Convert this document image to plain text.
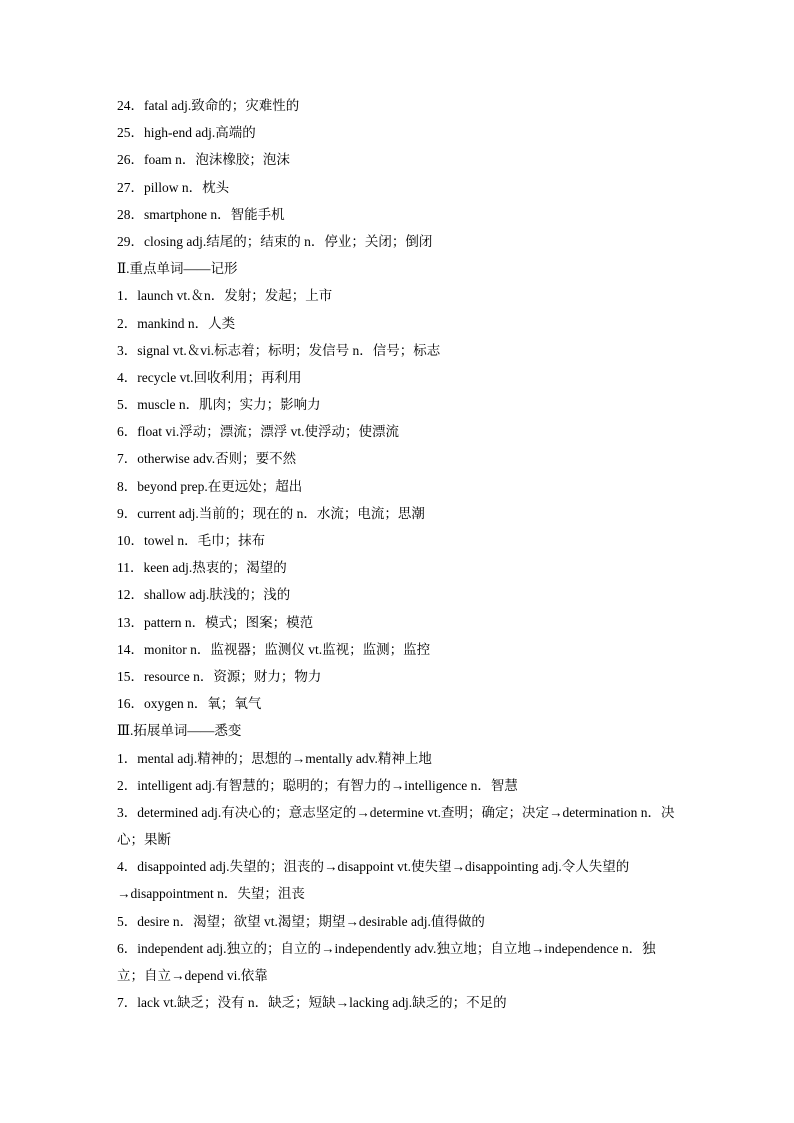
24．fatal adj.致命的；灾难性的
25．high-end adj.高端的
26．foam n．泡沫橡胶；泡沫
27．pillow n．枕头
28．smartphone n．智能手机
29．closing adj.结尾的；结束的 n．停业；关闭；倒闭
Ⅱ.重点单词——记形
1．launch vt.＆n．发射；发起；上市
2．mankind n．人类
3．signal vt.＆vi.标志着；标明；发信号 n．信号；标志
4．recycle vt.回收利用；再利用
5．muscle n．肌肉；实力；影响力
6．float vi.浮动；漂流；漂浮 vt.使浮动；使漂流
7．otherwise adv.否则；要不然
8．beyond prep.在更远处；超出
9．current adj.当前的；现在的 n．水流；电流；思潮
10．towel n．毛巾；抹布
11．keen adj.热衷的；渴望的
12．shallow adj.肤浅的；浅的
13．pattern n．模式；图案；模范
14．monitor n．监视器；监测仪 vt.监视；监测；监控
15．resource n．资源；财力；物力
16．oxygen n．氧；氧气
Ⅲ.拓展单词——悉变
1．mental adj.精神的；思想的→mentally adv.精神上地
2．intelligent adj.有智慧的；聪明的；有智力的→intelligence n．智慧
3．determined adj.有决心的；意志坚定的→determine vt.查明；确定；决定→determination n．决心；果断
4．disappointed adj.失望的；沮丧的→disappoint vt.使失望→disappointing adj.令人失望的→disappointment n．失望；沮丧
5．desire n．渴望；欲望 vt.渴望；期望→desirable adj.值得做的
6．independent adj.独立的；自立的→independently adv.独立地；自立地→independence n．独立；自立→depend vi.依靠
7．lack vt.缺乏；没有 n．缺乏；短缺→lacking adj.缺乏的；不足的
